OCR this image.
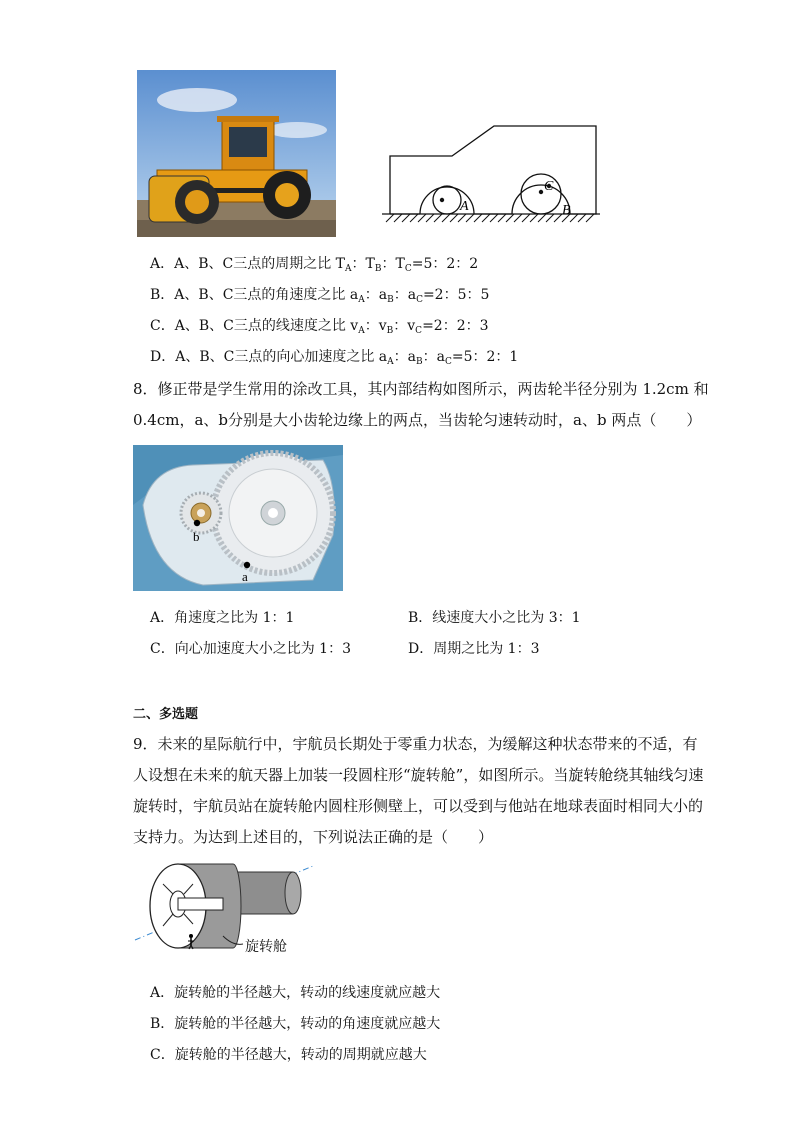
A	B
C
A．A、B、C三点的周期之比 $T_A$：$T_B$：$T_C=5$：2：2
B．A、B、C三点的角速度之比 $a_A$：$a_B$：$a_C=2$：5：5
C．A、B、C三点的线速度之比 $v_A$：$v_B$：$v_C=2$：2：3
D．A、B、C三点的向心加速度之比 $a_A$：$a_B$：$a_C=5$：2：1
8．修正带是学生常用的涂改工具，其内部结构如图所示，两齿轮半径分别为 1.2cm 和
0.4cm，a、b分别是大小齿轮边缘上的两点，当齿轮匀速转动时，a、b 两点（　　）
b
a
A．角速度之比为 1：1	B．线速度大小之比为 3：1
C．向心加速度大小之比为 1：3	D．周期之比为 1：3
二、多选题
9．未来的星际航行中，宇航员长期处于零重力状态，为缓解这种状态带来的不适，有
人设想在未来的航天器上加装一段圆柱形“旋转舱”，如图所示。当旋转舱绕其轴线匀速
旋转时，宇航员站在旋转舱内圆柱形侧壁上，可以受到与他站在地球表面时相同大小的
支持力。为达到上述目的，下列说法正确的是（　　）
旋转舱
A．旋转舱的半径越大，转动的线速度就应越大
B．旋转舱的半径越大，转动的角速度就应越大
C．旋转舱的半径越大，转动的周期就应越大
